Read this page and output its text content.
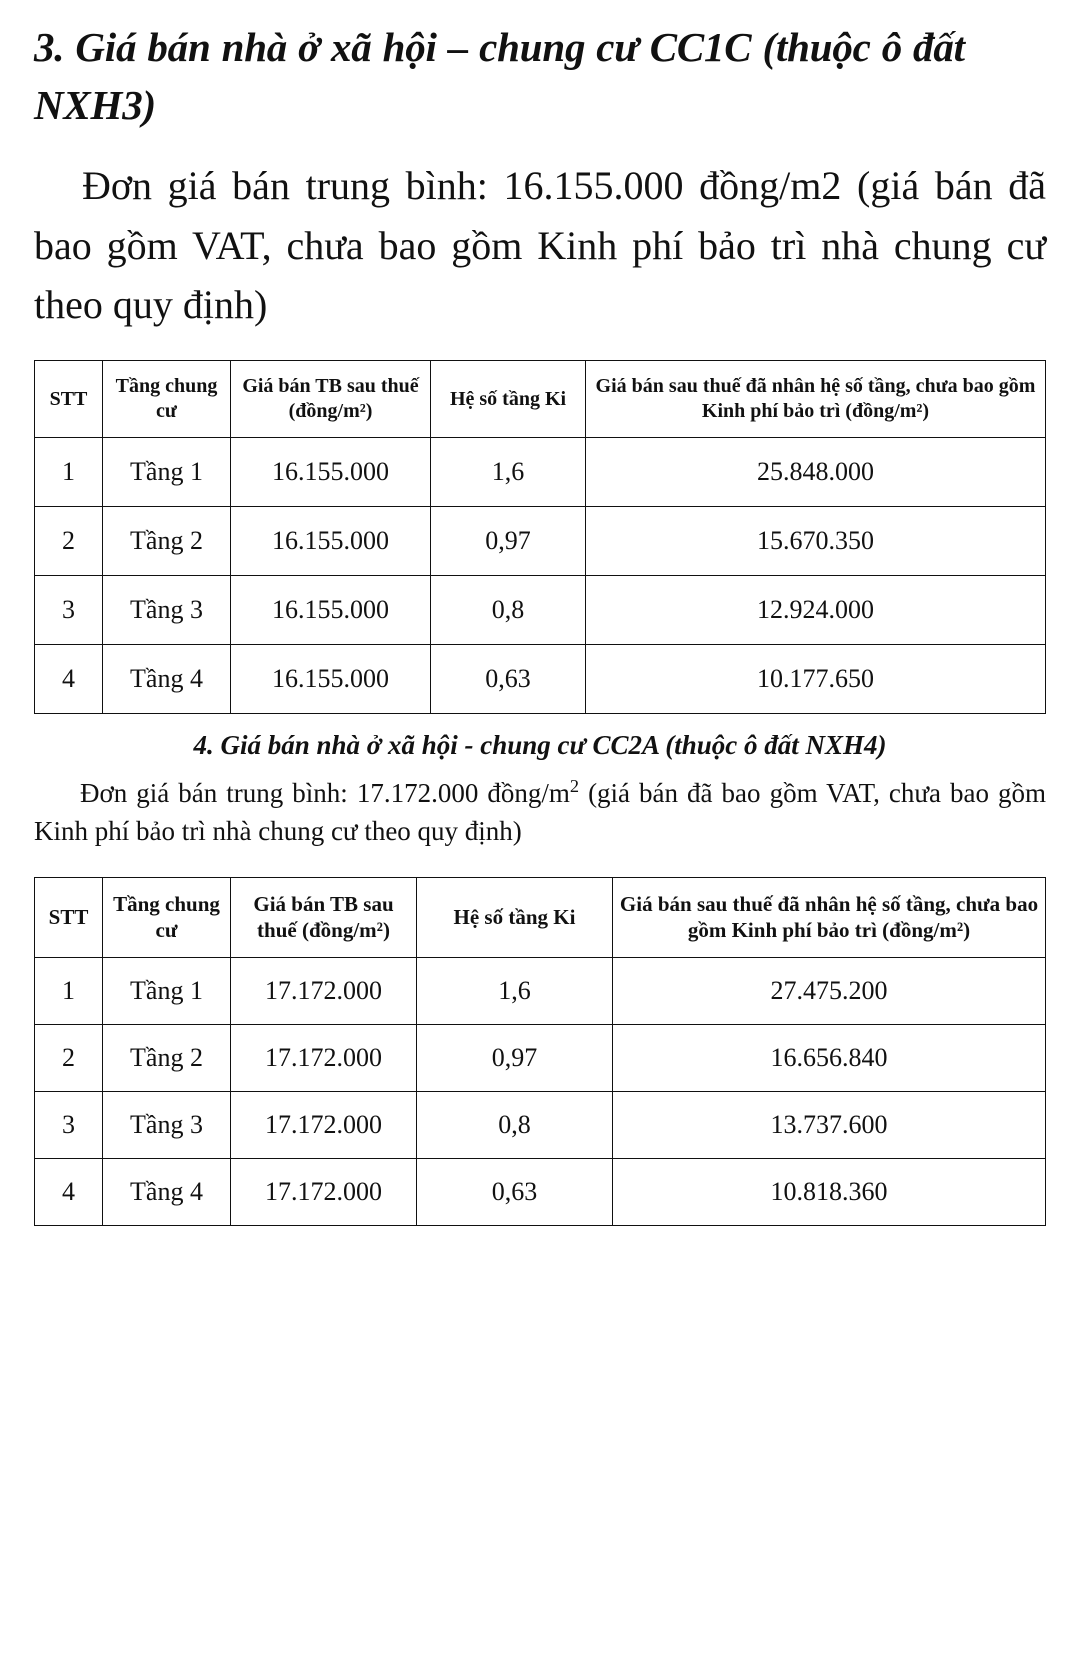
3. Giá bán nhà ở xã hội – chung cư CC1C (thuộc ô đất NXH3)

Đơn giá bán trung bình: 16.155.000 đồng/m2 (giá bán đã bao gồm VAT, chưa bao gồm Kinh phí bảo trì nhà chung cư theo quy định)

STT	Tầng chung cư	Giá bán TB sau thuế (đồng/m²)	Hệ số tầng Ki	Giá bán sau thuế đã nhân hệ số tầng, chưa bao gồm Kinh phí bảo trì (đồng/m²)
1	Tầng 1	16.155.000	1,6	25.848.000
2	Tầng 2	16.155.000	0,97	15.670.350
3	Tầng 3	16.155.000	0,8	12.924.000
4	Tầng 4	16.155.000	0,63	10.177.650
4. Giá bán nhà ở xã hội - chung cư CC2A (thuộc ô đất NXH4)

Đơn giá bán trung bình: 17.172.000 đồng/$m^2$ (giá bán đã bao gồm VAT, chưa bao gồm Kinh phí bảo trì nhà chung cư theo quy định)

STT	Tầng chung cư	Giá bán TB sau thuế (đồng/m²)	Hệ số tầng Ki	Giá bán sau thuế đã nhân hệ số tầng, chưa bao gồm Kinh phí bảo trì (đồng/m²)
1	Tầng 1	17.172.000	1,6	27.475.200
2	Tầng 2	17.172.000	0,97	16.656.840
3	Tầng 3	17.172.000	0,8	13.737.600
4	Tầng 4	17.172.000	0,63	10.818.360
